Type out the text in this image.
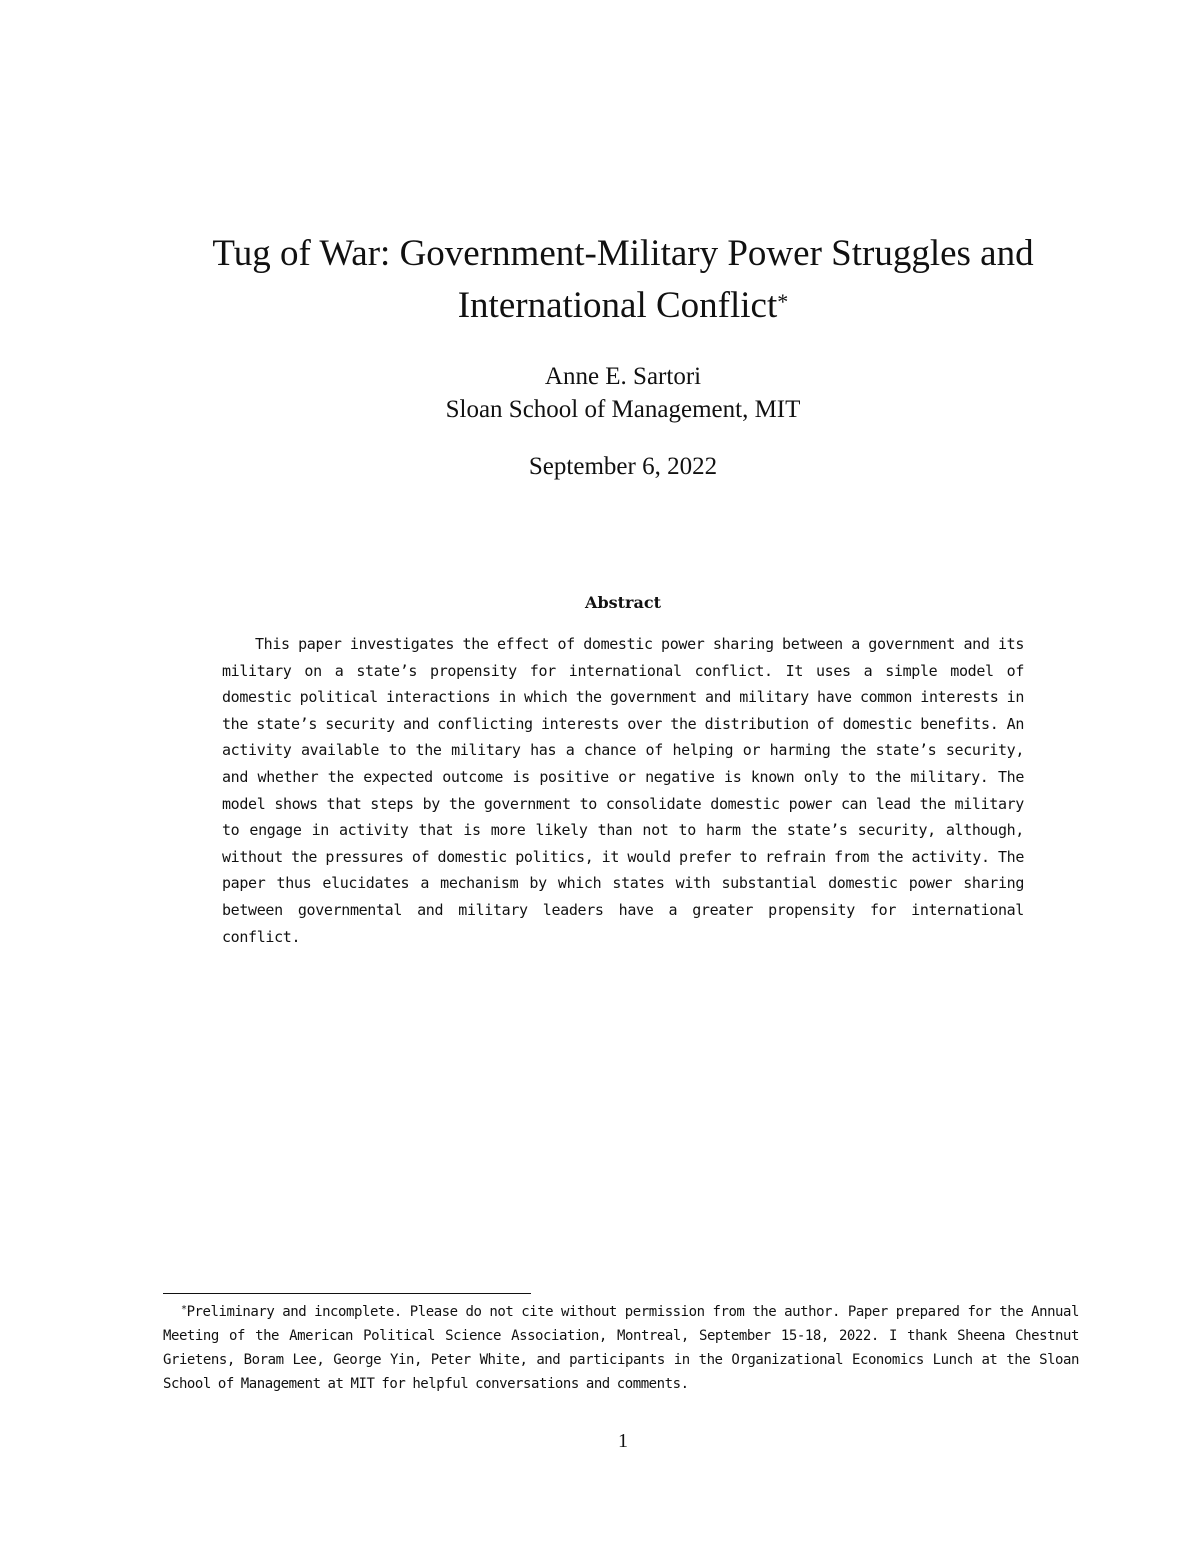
Tug of War: Government-Military Power Struggles and
International Conflict*
Anne E. Sartori
Sloan School of Management, MIT
September 6, 2022
Abstract

This paper investigates the effect of domestic power sharing between a government and its military on a state’s propensity for international conflict. It uses a simple model of domestic political interactions in which the government and military have common interests in the state’s security and conflicting interests over the distribution of domestic benefits. An activity available to the military has a chance of helping or harming the state’s security, and whether the expected outcome is positive or negative is known only to the military. The model shows that steps by the government to consolidate domestic power can lead the military to engage in activity that is more likely than not to harm the state’s security, although, without the pressures of domestic politics, it would prefer to refrain from the activity. The paper thus elucidates a mechanism by which states with substantial domestic power sharing between governmental and military leaders have a greater propensity for international conflict.

*Preliminary and incomplete. Please do not cite without permission from the author. Paper prepared for the Annual Meeting of the American Political Science Association, Montreal, September 15-18, 2022. I thank Sheena Chestnut Grietens, Boram Lee, George Yin, Peter White, and participants in the Organizational Economics Lunch at the Sloan School of Management at MIT for helpful conversations and comments.

1
